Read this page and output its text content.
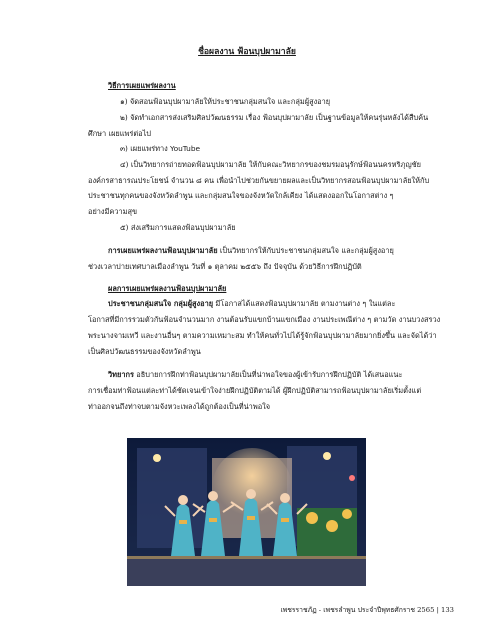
ชื่อผลงาน ฟ้อนบุปผามาลัย
วิธีการเผยแพร่ผลงาน
๑) จัดสอนฟ้อนบุปผามาลัยให้ประชาชนกลุ่มสนใจ และกลุ่มผู้สูงอายุ
๒) จัดทำเอกสารส่งเสริมศิลปวัฒนธรรม เรื่อง ฟ้อนบุปผามาลัย เป็นฐานข้อมูลให้คนรุ่นหลังได้สืบค้น
ศึกษา เผยแพร่ต่อไป
๓) เผยแพร่ทาง YouTube
๔) เป็นวิทยากรถ่ายทอดฟ้อนบุปผามาลัย ให้กับคณะวิทยากรของชมรมอนุรักษ์ฟ้อนนครหริภุญชัย
องค์กรสาธารณประโยชน์ จำนวน ๘ คน เพื่อนำไปช่วยกันขยายผลและเป็นวิทยากรสอนฟ้อนบุปผามาลัยให้กับ
ประชาชนทุกคนของจังหวัดลำพูน และกลุ่มสนใจของจังหวัดใกล้เคียง ได้แสดงออกในโอกาสต่าง ๆ
อย่างมีความสุข
๕) ส่งเสริมการแสดงฟ้อนบุปผามาลัย
การเผยแพร่ผลงานฟ้อนบุปผามาลัย เป็นวิทยากรให้กับประชาชนกลุ่มสนใจ และกลุ่มผู้สูงอายุ
ช่วงเวลาบ่ายเทศบาลเมืองลำพูน วันที่ ๑ ตุลาคม ๒๕๕๖ ถึง ปัจจุบัน ด้วยวิธีการฝึกปฏิบัติ
ผลการเผยแพร่ผลงานฟ้อนบุปผามาลัย
ประชาชนกลุ่มสนใจ กลุ่มผู้สูงอายุ มีโอกาสได้แสดงฟ้อนบุปผามาลัย ตามงานต่าง ๆ ในแต่ละ
โอกาสที่มีการรวมตัวกันฟ้อนจำนวนมาก งานต้อนรับแขกบ้านแขกเมือง งานประเพณีต่าง ๆ ตามวัด งานบวงสรวง
พระนางจามเทวี และงานอื่นๆ ตามความเหมาะสม ทำให้คนทั่วไปได้รู้จักฟ้อนบุปผามาลัยมากยิ่งขึ้น และจัดได้ว่า
เป็นศิลปวัฒนธรรมของจังหวัดลำพูน
วิทยากร อธิบายการฝึกท่าฟ้อนบุปผามาลัยเป็นที่น่าพอใจของผู้เข้ารับการฝึกปฏิบัติ ได้เสนอแนะ
การเชื่อมท่าฟ้อนแต่ละท่าได้ชัดเจนเข้าใจง่ายฝึกปฏิบัติตามได้ ผู้ฝึกปฏิบัติสามารถฟ้อนบุปผามาลัยเริ่มตั้งแต่
ท่าออกจนถึงท่าจบตามจังหวะเพลงได้ถูกต้องเป็นที่น่าพอใจ
เพชรราชภัฏ - เพชรลำพูน ประจำปีพุทธศักราช 2565 | 133
